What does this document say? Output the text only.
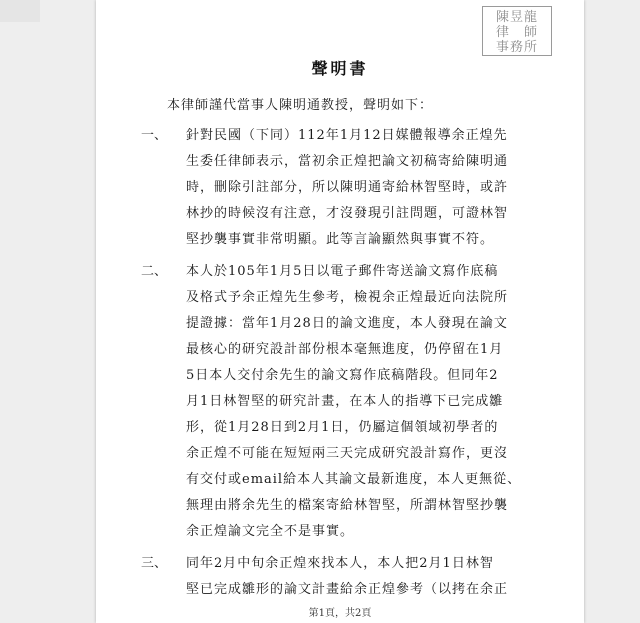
陳昱龍
律　師
事務所
聲明書
本律師謹代當事人陳明通教授，聲明如下：
一、 針對民國（下同）112年1月12日媒體報導余正煌先
生委任律師表示，當初余正煌把論文初稿寄給陳明通
時，刪除引註部分，所以陳明通寄給林智堅時，或許
林抄的時候沒有注意，才沒發現引註問題，可證林智
堅抄襲事實非常明顯。此等言論顯然與事實不符。
二、 本人於105年1月5日以電子郵件寄送論文寫作底稿
及格式予余正煌先生參考，檢視余正煌最近向法院所
提證據：當年1月28日的論文進度，本人發現在論文
最核心的研究設計部份根本毫無進度，仍停留在1月
5日本人交付余先生的論文寫作底稿階段。但同年2
月1日林智堅的研究計畫，在本人的指導下已完成雛
形，從1月28日到2月1日，仍屬這個領域初學者的
余正煌不可能在短短兩三天完成研究設計寫作，更沒
有交付或email給本人其論文最新進度，本人更無從、
無理由將余先生的檔案寄給林智堅，所謂林智堅抄襲
余正煌論文完全不是事實。
三、 同年2月中旬余正煌來找本人，本人把2月1日林智
堅已完成雛形的論文計畫給余正煌參考（以拷在余正
第1頁，共2頁
